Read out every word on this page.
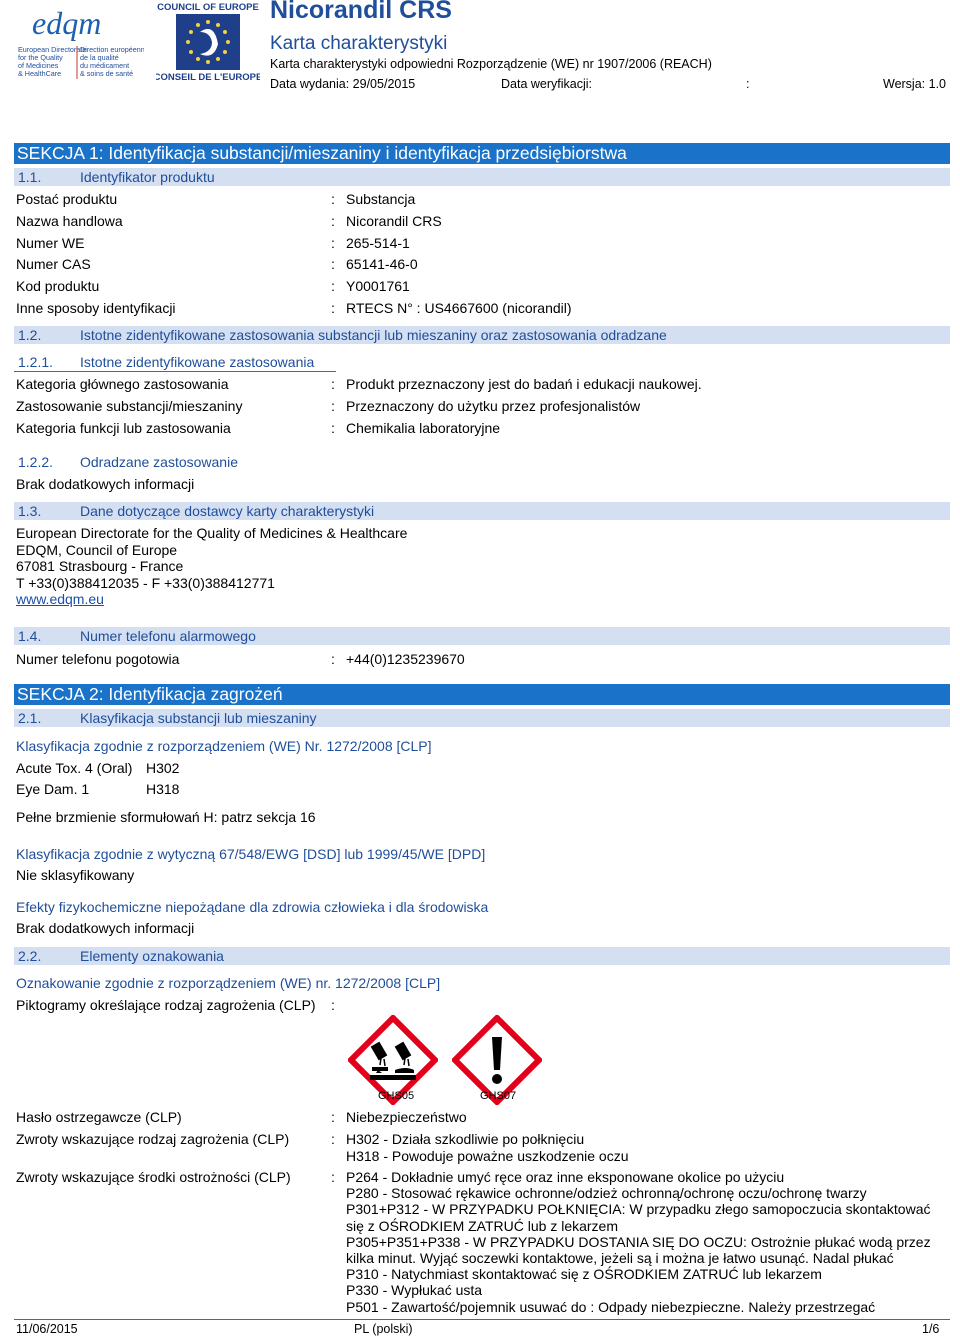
edqm
European Directorate
for the Quality
of Medicines
& HealthCare
Direction européenne
de la qualité
du médicament
& soins de santé
COUNCIL OF EUROPE
CONSEIL DE L'EUROPE
Nicorandil CRS
Karta charakterystyki
Karta charakterystyki odpowiedni Rozporządzenie (WE) nr 1907/2006 (REACH)
Data wydania: 29/05/2015	Data weryfikacji:	:	Wersja: 1.0
SEKCJA 1: Identyfikacja substancji/mieszaniny i identyfikacja przedsiębiorstwa
1.1.	Identyfikator produktu
Postać produktu	: Substancja
Nazwa handlowa	: Nicorandil CRS
Numer WE	: 265-514-1
Numer CAS	: 65141-46-0
Kod produktu	: Y0001761
Inne sposoby identyfikacji	: RTECS N° : US4667600 (nicorandil)
1.2.	Istotne zidentyfikowane zastosowania substancji lub mieszaniny oraz zastosowania odradzane
1.2.1. Istotne zidentyfikowane zastosowania
Kategoria głównego zastosowania	: Produkt przeznaczony jest do badań i edukacji naukowej.
Zastosowanie substancji/mieszaniny	: Przeznaczony do użytku przez profesjonalistów
Kategoria funkcji lub zastosowania	: Chemikalia laboratoryjne
1.2.2. Odradzane zastosowanie
Brak dodatkowych informacji
1.3.	Dane dotyczące dostawcy karty charakterystyki
European Directorate for the Quality of Medicines & Healthcare
EDQM, Council of Europe
67081 Strasbourg - France
T +33(0)388412035 - F +33(0)388412771
www.edqm.eu
1.4.	Numer telefonu alarmowego
Numer telefonu pogotowia	: +44(0)1235239670
SEKCJA 2: Identyfikacja zagrożeń
2.1.	Klasyfikacja substancji lub mieszaniny
Klasyfikacja zgodnie z rozporządzeniem (WE) Nr. 1272/2008 [CLP]
Acute Tox. 4 (Oral) H302
Eye Dam. 1	H318
Pełne brzmienie sformułowań H: patrz sekcja 16
Klasyfikacja zgodnie z wytyczną 67/548/EWG [DSD] lub 1999/45/WE [DPD]
Nie sklasyfikowany
Efekty fizykochemiczne niepożądane dla zdrowia człowieka i dla środowiska
Brak dodatkowych informacji
2.2.	Elementy oznakowania
Oznakowanie zgodnie z rozporządzeniem (WE) nr. 1272/2008 [CLP]
Piktogramy określające rodzaj zagrożenia (CLP) :
GHS05	GHS07
Hasło ostrzegawcze (CLP)	: Niebezpieczeństwo
Zwroty wskazujące rodzaj zagrożenia (CLP)	: H302 - Działa szkodliwie po połknięciu
H318 - Powoduje poważne uszkodzenie oczu
Zwroty wskazujące środki ostrożności (CLP)	: P264 - Dokładnie umyć ręce oraz inne eksponowane okolice po użyciu
P280 - Stosować rękawice ochronne/odzież ochronną/ochronę oczu/ochronę twarzy
P301+P312 - W PRZYPADKU POŁKNIĘCIA: W przypadku złego samopoczucia skontaktować
się z OŚRODKIEM ZATRUĆ lub z lekarzem
P305+P351+P338 - W PRZYPADKU DOSTANIA SIĘ DO OCZU: Ostrożnie płukać wodą przez
kilka minut. Wyjąć soczewki kontaktowe, jeżeli są i można je łatwo usunąć. Nadal płukać
P310 - Natychmiast skontaktować się z OŚRODKIEM ZATRUĆ lub lekarzem
P330 - Wypłukać usta
P501 - Zawartość/pojemnik usuwać do : Odpady niebezpieczne. Należy przestrzegać
11/06/2015	PL (polski)	1/6
